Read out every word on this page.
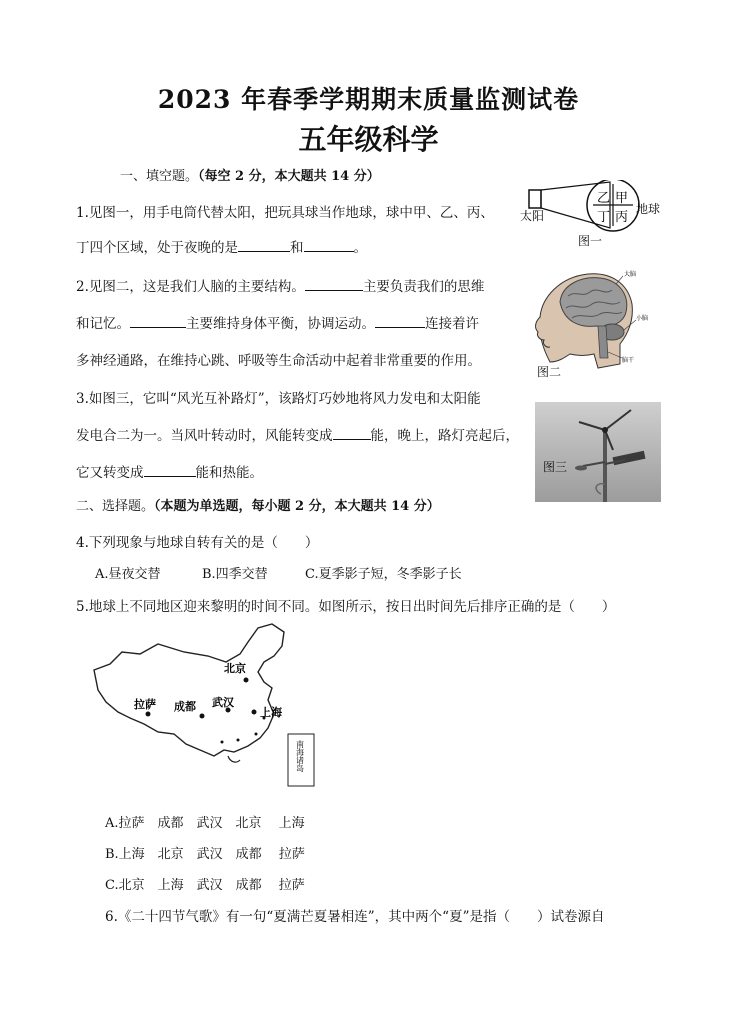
2023 年春季学期期末质量监测试卷
五年级科学
一、填空题。（每空 2 分，本大题共 14 分）
1.见图一，用手电筒代替太阳，把玩具球当作地球，球中甲、乙、丙、
丁四个区域，处于夜晚的是	和	。
乙 甲
丁 丙
太阳	地球
图一
2.见图二，这是我们人脑的主要结构。	主要负责我们的思维
和记忆。	主要维持身体平衡，协调运动。	连接着许
多神经通路，在维持心跳、呼吸等生命活动中起着非常重要的作用。
大脑
小脑
脑干
图二
3.如图三，它叫“风光互补路灯”，该路灯巧妙地将风力发电和太阳能
发电合二为一。当风叶转动时，风能转变成	能，晚上，路灯亮起后，
它又转变成	能和热能。	图三
二、选择题。（本题为单选题，每小题 2 分，本大题共 14 分）
4.下列现象与地球自转有关的是（　　）
A.昼夜交替	B.四季交替	C.夏季影子短，冬季影子长
5.地球上不同地区迎来黎明的时间不同。如图所示，按日出时间先后排序正确的是（　　）
南海诸岛
北京
拉萨 成都 武汉
上海
A.拉萨　成都　武汉　北京　 上海
B.上海　北京　武汉　成都　 拉萨
C.北京　上海　武汉　成都　 拉萨
6.《二十四节气歌》有一句“夏满芒夏暑相连”，其中两个“夏”是指（　　）试卷源自
